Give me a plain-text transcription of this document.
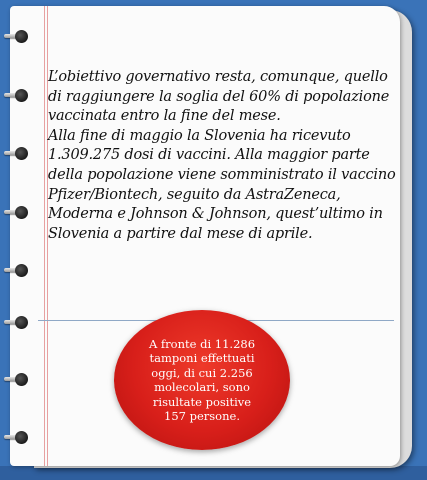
L’obiettivo governativo resta, comunque, quello di raggiungere la soglia del 60% di popolazione vaccinata entro la fine del mese.

Alla fine di maggio la Slovenia ha ricevuto 1.309.275 dosi di vaccini. Alla maggior parte della popolazione viene somministrato il vaccino Pfizer/Biontech, seguito da AstraZeneca, Moderna e Johnson & Johnson, quest’ultimo in Slovenia a partire dal mese di aprile.

A fronte di 11.286 tamponi effettuati oggi, di cui 2.256 molecolari, sono risultate positive 157 persone.
